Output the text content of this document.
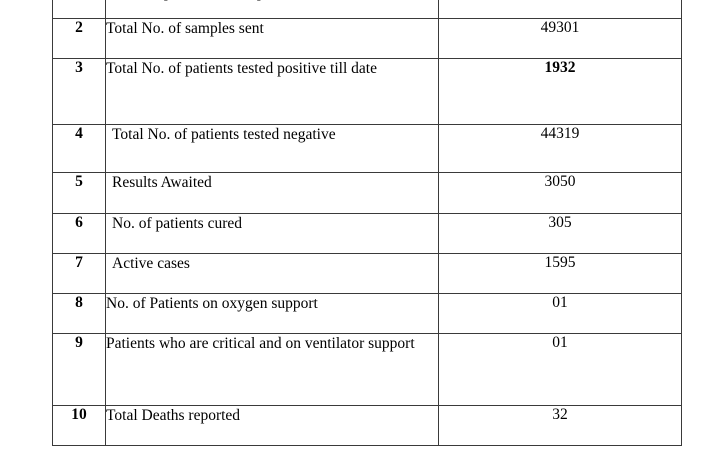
2	Total No. of samples sent	49301
3	Total No. of patients tested positive till date	1932
4	Total No. of patients tested negative	44319
5	Results Awaited	3050
6	No. of patients cured	305
7	Active cases	1595
8	No. of Patients on oxygen support	01
9	Patients who are critical and on ventilator support	01
10	Total Deaths reported	32
